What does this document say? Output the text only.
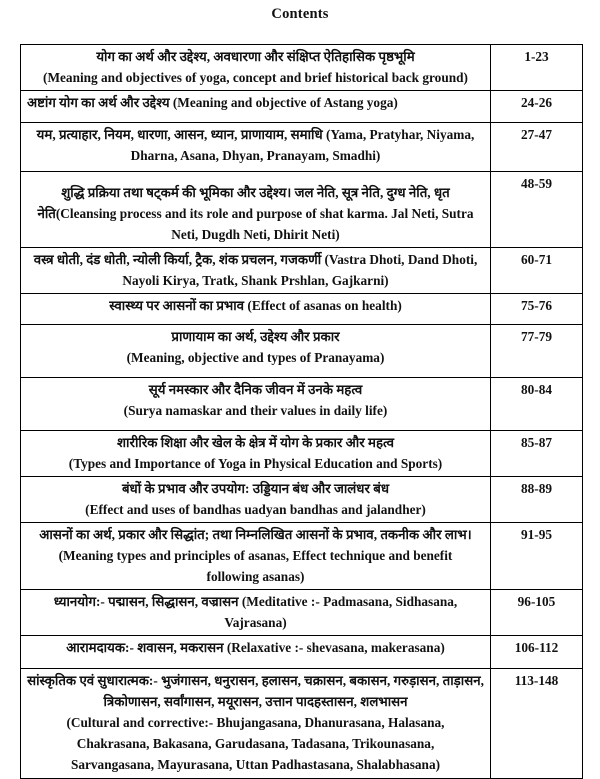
Contents
योग का अर्थ और उद्देश्य, अवधारणा और संक्षिप्त ऐतिहासिक पृष्ठभूमि
(Meaning and objectives of yoga, concept and brief historical back ground)	1-23

अष्टांग योग का अर्थ और उद्देश्य (Meaning and objective of Astang yoga)	24-26

यम, प्रत्याहार, नियम, धारणा, आसन, ध्यान, प्राणायाम, समाधि (Yama, Pratyhar, Niyama,
Dharna, Asana, Dhyan, Pranayam, Smadhi)	27-47

शुद्धि प्रक्रिया तथा षट्कर्म की भूमिका और उद्देश्य। जल नेति, सूत्र नेति, दुग्ध नेति, धृत
नेति(Cleansing process and its role and purpose of shat karma. Jal Neti, Sutra
Neti, Dugdh Neti, Dhirit Neti)	48-59

वस्त्र धोती, दंड धोती, न्योली किर्या, ट्रैक, शंक प्रचलन, गजकर्णी (Vastra Dhoti, Dand Dhoti,
Nayoli Kirya, Tratk, Shank Prshlan, Gajkarni)	60-71

स्वास्थ्य पर आसनों का प्रभाव (Effect of asanas on health)	75-76

प्राणायाम का अर्थ, उद्देश्य और प्रकार
(Meaning, objective and types of Pranayama)	77-79

सूर्य नमस्कार और दैनिक जीवन में उनके महत्व
(Surya namaskar and their values in daily life)	80-84

शारीरिक शिक्षा और खेल के क्षेत्र में योग के प्रकार और महत्व
(Types and Importance of Yoga in Physical Education and Sports)	85-87

बंधों के प्रभाव और उपयोग: उड्डियान बंध और जालंधर बंध
(Effect and uses of bandhas uadyan bandhas and jalandher)	88-89

आसनों का अर्थ, प्रकार और सिद्धांत; तथा निम्नलिखित आसनों के प्रभाव, तकनीक और लाभ।
(Meaning types and principles of asanas, Effect technique and benefit
following asanas)	91-95

ध्यानयोग:- पद्मासन, सिद्धासन, वज्रासन (Meditative :- Padmasana, Sidhasana,
Vajrasana)	96-105

आरामदायक:- शवासन, मकरासन (Relaxative :- shevasana, makerasana)	106-112

सांस्कृतिक एवं सुधारात्मक:- भुजंगासन, धनुरासन, हलासन, चक्रासन, बकासन, गरुड़ासन, ताड़ासन,
त्रिकोणासन, सर्वांगासन, मयूरासन, उत्तान पादहस्तासन, शलभासन
(Cultural and corrective:- Bhujangasana, Dhanurasana, Halasana,
Chakrasana, Bakasana, Garudasana, Tadasana, Trikounasana,
Sarvangasana, Mayurasana, Uttan Padhastasana, Shalabhasana)	113-148
